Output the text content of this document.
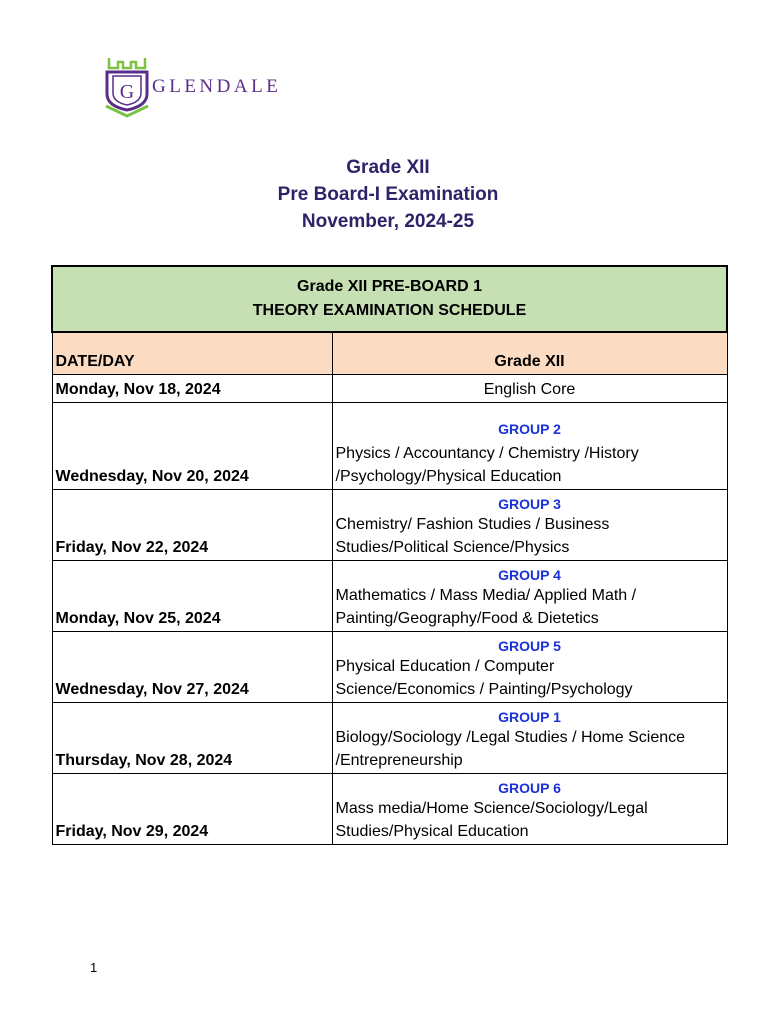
G GLENDALE
Grade XII
Pre Board-I Examination
November, 2024-25
Grade XII PRE-BOARD 1
THEORY EXAMINATION SCHEDULE	

DATE/DAY	Grade XII
Monday, Nov 18, 2024	English Core
Wednesday, Nov 20, 2024	GROUP 2
Physics / Accountancy / Chemistry /History
/Psychology/Physical Education

Friday, Nov 22, 2024	GROUP 3
Chemistry/ Fashion Studies / Business
Studies/Political Science/Physics

Monday, Nov 25, 2024	GROUP 4
Mathematics / Mass Media/ Applied Math /
Painting/Geography/Food & Dietetics

Wednesday, Nov 27, 2024	GROUP 5
Physical Education / Computer
Science/Economics / Painting/Psychology

Thursday, Nov 28, 2024	GROUP 1
Biology/Sociology /Legal Studies / Home Science
/Entrepreneurship

Friday, Nov 29, 2024	GROUP 6
Mass media/Home Science/Sociology/Legal
Studies/Physical Education
1
